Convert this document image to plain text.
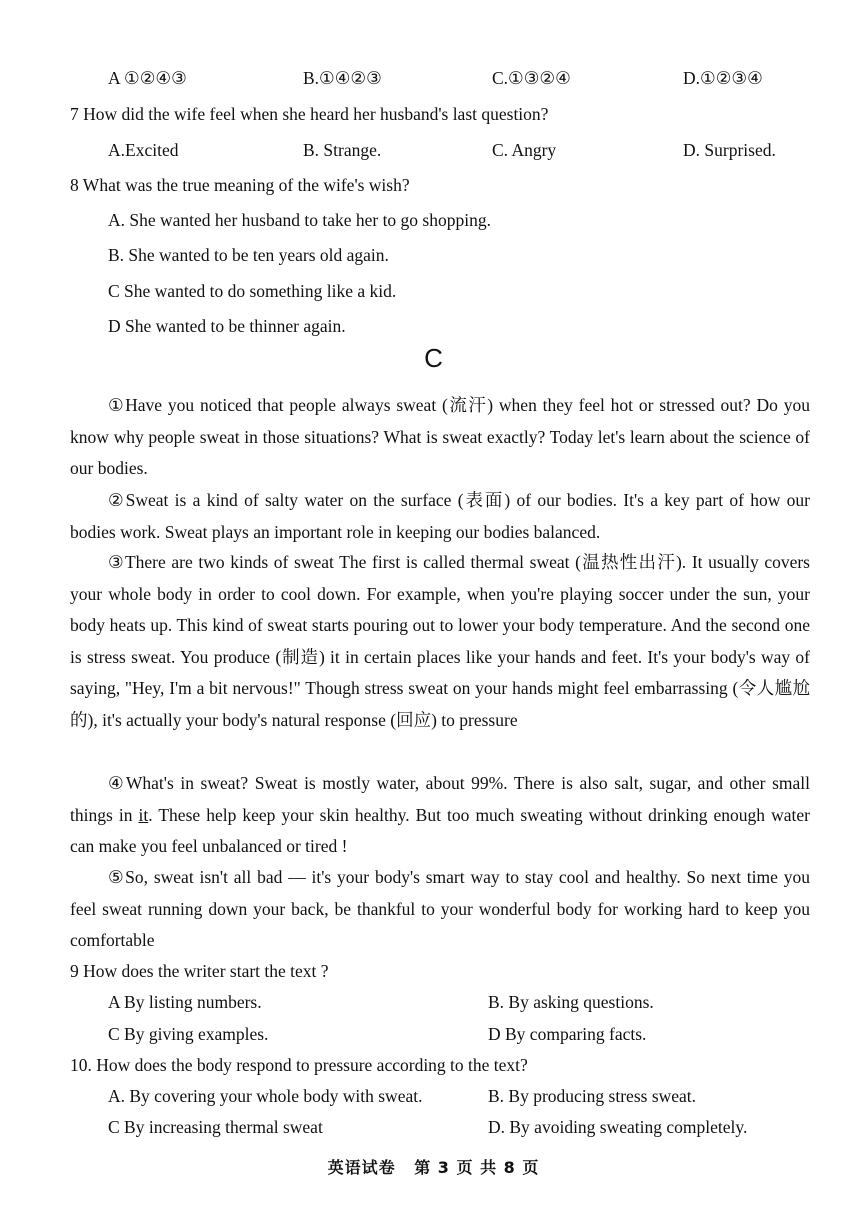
A ①②④③	B.①④②③	C.①③②④	D.①②③④
7 How did the wife feel when she heard her husband's last question?
A.Excited	B. Strange.	C. Angry	D. Surprised.
8 What was the true meaning of the wife's wish?
A. She wanted her husband to take her to go shopping.
B. She wanted to be ten years old again.
C She wanted to do something like a kid.
D She wanted to be thinner again.
C
①Have you noticed that people always sweat (流汗) when they feel hot or stressed out? Do you know why people sweat in those situations? What is sweat exactly? Today let's learn about the science of our bodies.
②Sweat is a kind of salty water on the surface (表面) of our bodies. It's a key part of how our bodies work. Sweat plays an important role in keeping our bodies balanced.
③There are two kinds of sweat The first is called thermal sweat (温热性出汗). It usually covers your whole body in order to cool down. For example, when you're playing soccer under the sun, your body heats up. This kind of sweat starts pouring out to lower your body temperature. And the second one is stress sweat. You produce (制造) it in certain places like your hands and feet. It's your body's way of saying, "Hey, I'm a bit nervous!" Though stress sweat on your hands might feel embarrassing (令人尴尬的), it's actually your body's natural response (回应) to pressure
④What's in sweat? Sweat is mostly water, about 99%. There is also salt, sugar, and other small things in it. These help keep your skin healthy. But too much sweating without drinking enough water can make you feel unbalanced or tired !
⑤So, sweat isn't all bad — it's your body's smart way to stay cool and healthy. So next time you feel sweat running down your back, be thankful to your wonderful body for working hard to keep you comfortable
9 How does the writer start the text ?
A By listing numbers.	B. By asking questions.
C By giving examples.	D By comparing facts.
10. How does the body respond to pressure according to the text?
A. By covering your whole body with sweat.	B. By producing stress sweat.
C By increasing thermal sweat	D. By avoiding sweating completely.
英语试卷 第 3 页 共 8 页
